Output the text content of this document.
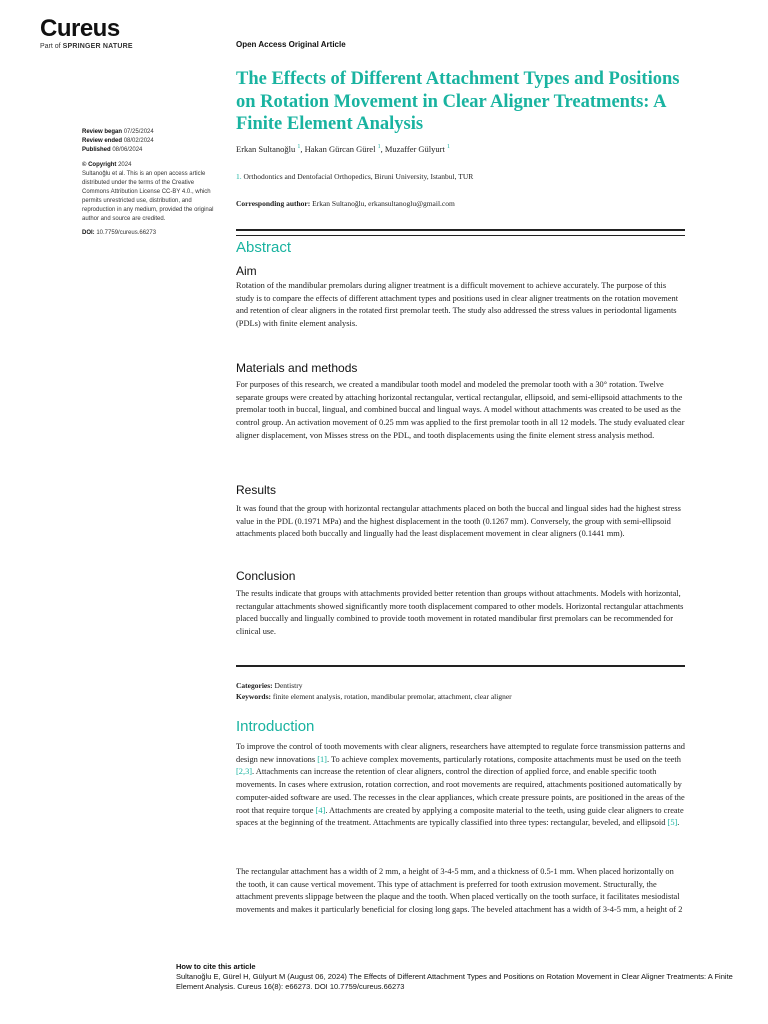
Cureus
Part of SPRINGER NATURE	Open Access Original Article
The Effects of Different Attachment Types and Positions on Rotation Movement in Clear Aligner Treatments: A Finite Element Analysis
Review began 07/25/2024
Review ended 08/02/2024
Published 08/06/2024
© Copyright 2024
Sultanoğlu et al. This is an open access article distributed under the terms of the Creative Commons Attribution License CC-BY 4.0., which permits unrestricted use, distribution, and reproduction in any medium, provided the original author and source are credited.
DOI: 10.7759/cureus.66273
Erkan Sultanoğlu $^1$, Hakan Gürcan Gürel $^1$, Muzaffer Gülyurt $^1$
1. Orthodontics and Dentofacial Orthopedics, Biruni University, Istanbul, TUR
Corresponding author: Erkan Sultanoğlu, erkansultanoglu@gmail.com
Abstract
Aim

Rotation of the mandibular premolars during aligner treatment is a difficult movement to achieve accurately. The purpose of this study is to compare the effects of different attachment types and positions used in clear aligner treatments on the rotation movement and retention of clear aligners in the rotated first premolar teeth. The study also addressed the stress values in periodontal ligaments (PDLs) with finite element analysis.

Materials and methods

For purposes of this research, we created a mandibular tooth model and modeled the premolar tooth with a 30° rotation. Twelve separate groups were created by attaching horizontal rectangular, vertical rectangular, ellipsoid, and semi-ellipsoid attachments to the premolar tooth in buccal, lingual, and combined buccal and lingual ways. A model without attachments was created to be used as the control group. An activation movement of 0.25 mm was applied to the first premolar tooth in all 12 models. The study evaluated clear aligner displacement, von Misses stress on the PDL, and tooth displacements using the finite element stress analysis method.

Results

It was found that the group with horizontal rectangular attachments placed on both the buccal and lingual sides had the highest stress value in the PDL (0.1971 MPa) and the highest displacement in the tooth (0.1267 mm). Conversely, the group with semi-ellipsoid attachments placed both buccally and lingually had the least displacement movement in clear aligners (0.1441 mm).

Conclusion

The results indicate that groups with attachments provided better retention than groups without attachments. Models with horizontal, rectangular attachments showed significantly more tooth displacement compared to other models. Horizontal rectangular attachments placed buccally and lingually combined to provide tooth movement in rotated mandibular first premolars can be recommended for clinical use.

Categories: Dentistry
Keywords: finite element analysis, rotation, mandibular premolar, attachment, clear aligner
Introduction

To improve the control of tooth movements with clear aligners, researchers have attempted to regulate force transmission patterns and design new innovations [1]. To achieve complex movements, particularly rotations, composite attachments must be used on the teeth [2,3]. Attachments can increase the retention of clear aligners, control the direction of applied force, and enable specific tooth movements. In cases where extrusion, rotation correction, and root movements are required, attachments positioned automatically by computer-aided software are used. The recesses in the clear appliances, which create pressure points, are positioned in the areas of the root that require torque [4]. Attachments are created by applying a composite material to the teeth, using guide clear aligners to create spaces at the beginning of the treatment. Attachments are typically classified into three types: rectangular, beveled, and ellipsoid [5].

The rectangular attachment has a width of 2 mm, a height of 3-4-5 mm, and a thickness of 0.5-1 mm. When placed horizontally on the tooth, it can cause vertical movement. This type of attachment is preferred for tooth extrusion movement. Structurally, the attachment prevents slippage between the plaque and the tooth. When placed vertically on the tooth surface, it facilitates mesiodistal movements and makes it particularly beneficial for closing long gaps. The beveled attachment has a width of 3-4-5 mm, a height of 2

How to cite this article
Sultanoğlu E, Gürel H, Gülyurt M (August 06, 2024) The Effects of Different Attachment Types and Positions on Rotation Movement in Clear Aligner Treatments: A Finite Element Analysis. Cureus 16(8): e66273. DOI 10.7759/cureus.66273
